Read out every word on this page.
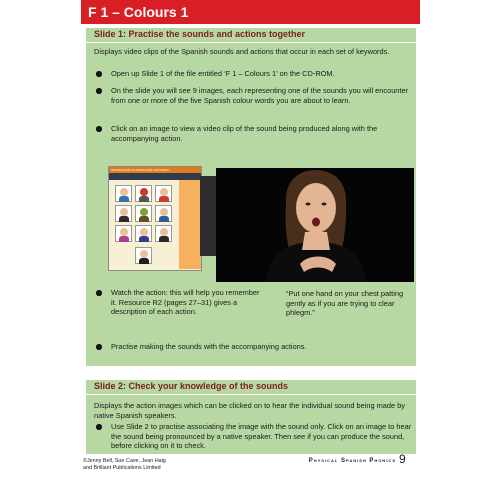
F 1 – Colours 1
Slide 1: Practise the sounds and actions together
Displays video clips of the Spanish sounds and actions that occur in each set of keywords.
Open up Slide 1 of the file entitled ‘F 1 – Colours 1’ on the CD-ROM.
On the slide you will see 9 images, each representing one of the sounds you will encounter from one or more of the five Spanish colour words you are about to learn.
Click on an image to view a video clip of the sound being produced along with the accompanying action.
SOUNDS AND ACTIONS FOR COLOURS 1
Watch the action: this will help you remember it. Resource R2 (pages 27–31) gives a description of each action.
“Put one hand on your chest patting gently as if you are trying to clear phlegm.”
Practise making the sounds with the accompanying actions.
Slide 2: Check your knowledge of the sounds
Displays the action images which can be clicked on to hear the individual sound being made by native Spanish speakers.
Use Slide 2 to practise associating the image with the sound only. Click on an image to hear the sound being pronounced by a native speaker. Then see if you can produce the sound, before clicking on it to check.
©Jenny Bell, Sue Cave, Jean Haig
and Brilliant Publications Limited
Physical Spanish Phonics 9
